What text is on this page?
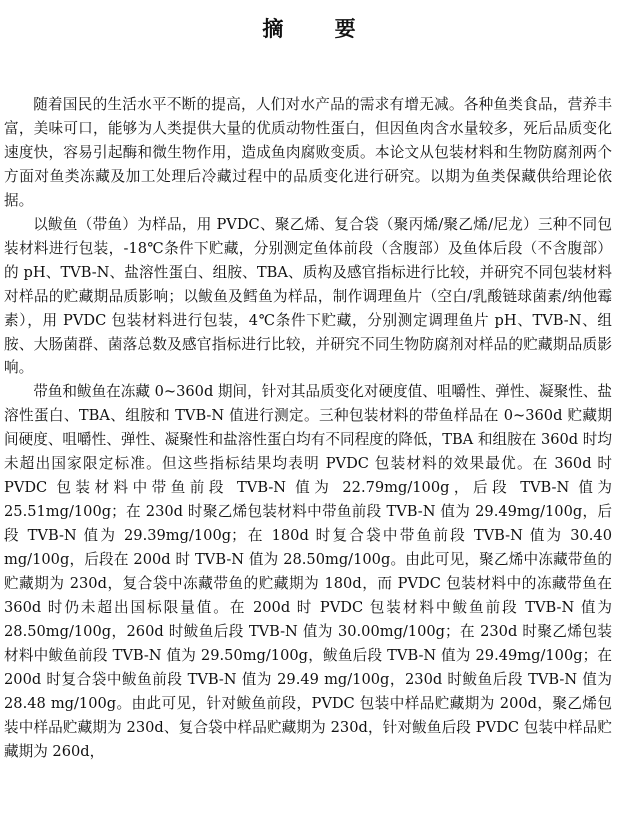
摘 要

随着国民的生活水平不断的提高，人们对水产品的需求有增无减。各种鱼类食品，营养丰富，美味可口，能够为人类提供大量的优质动物性蛋白，但因鱼肉含水量较多，死后品质变化速度快，容易引起酶和微生物作用，造成鱼肉腐败变质。本论文从包装材料和生物防腐剂两个方面对鱼类冻藏及加工处理后冷藏过程中的品质变化进行研究。以期为鱼类保藏供给理论依据。

以鲅鱼（带鱼）为样品，用 PVDC、聚乙烯、复合袋（聚丙烯/聚乙烯/尼龙）三种不同包装材料进行包装，-18℃条件下贮藏，分别测定鱼体前段（含腹部）及鱼体后段（不含腹部）的 pH、TVB-N、盐溶性蛋白、组胺、TBA、质构及感官指标进行比较，并研究不同包装材料对样品的贮藏期品质影响；以鲅鱼及鳕鱼为样品，制作调理鱼片（空白/乳酸链球菌素/纳他霉素），用 PVDC 包装材料进行包装，4℃条件下贮藏，分别测定调理鱼片 pH、TVB-N、组胺、大肠菌群、菌落总数及感官指标进行比较，并研究不同生物防腐剂对样品的贮藏期品质影响。

带鱼和鲅鱼在冻藏 0~360d 期间，针对其品质变化对硬度值、咀嚼性、弹性、凝聚性、盐溶性蛋白、TBA、组胺和 TVB-N 值进行测定。三种包装材料的带鱼样品在 0~360d 贮藏期间硬度、咀嚼性、弹性、凝聚性和盐溶性蛋白均有不同程度的降低，TBA 和组胺在 360d 时均未超出国家限定标准。但这些指标结果均表明 PVDC 包装材料的效果最优。在 360d 时 PVDC 包装材料中带鱼前段 TVB-N 值为 22.79mg/100g，后段 TVB-N 值为 25.51mg/100g；在 230d 时聚乙烯包装材料中带鱼前段 TVB-N 值为 29.49mg/100g，后段 TVB-N 值为 29.39mg/100g；在 180d 时复合袋中带鱼前段 TVB-N 值为 30.40 mg/100g，后段在 200d 时 TVB-N 值为 28.50mg/100g。由此可见，聚乙烯中冻藏带鱼的贮藏期为 230d，复合袋中冻藏带鱼的贮藏期为 180d，而 PVDC 包装材料中的冻藏带鱼在 360d 时仍未超出国标限量值。在 200d 时 PVDC 包装材料中鲅鱼前段 TVB-N 值为 28.50mg/100g，260d 时鲅鱼后段 TVB-N 值为 30.00mg/100g；在 230d 时聚乙烯包装材料中鲅鱼前段 TVB-N 值为 29.50mg/100g，鲅鱼后段 TVB-N 值为 29.49mg/100g；在 200d 时复合袋中鲅鱼前段 TVB-N 值为 29.49 mg/100g，230d 时鲅鱼后段 TVB-N 值为 28.48 mg/100g。由此可见，针对鲅鱼前段，PVDC 包装中样品贮藏期为 200d，聚乙烯包装中样品贮藏期为 230d、复合袋中样品贮藏期为 230d，针对鲅鱼后段 PVDC 包装中样品贮藏期为 260d，
